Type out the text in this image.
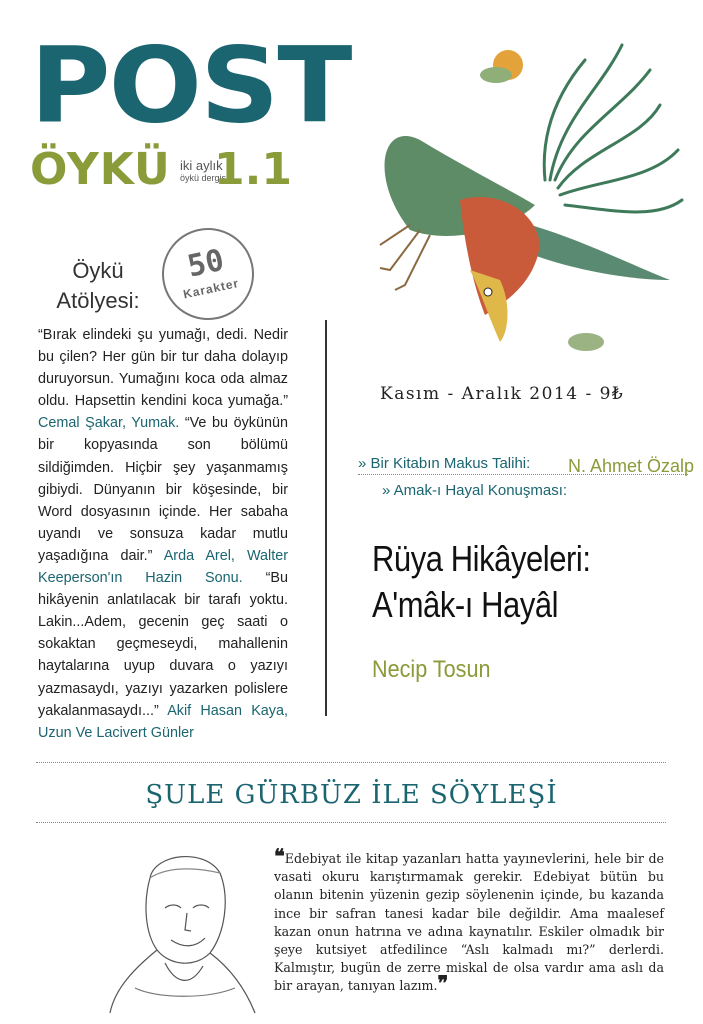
POST
ÖYKÜ iki aylık
öykü dergisi
1.1
Öykü
Atölyesi:
50
Karakter
“Bırak elindeki şu yumağı, dedi. Nedir bu çilen? Her gün bir tur daha dolayıp duruyorsun. Yumağını koca oda almaz oldu. Hapsettin kendini koca yumağa.” Cemal Şakar, Yumak. “Ve bu öykünün bir kopyasında son bölümü sildiğimden. Hiçbir şey yaşanmamış gibiydi. Dünyanın bir köşesinde, bir Word dosyasının içinde. Her sabaha uyandı ve sonsuza kadar mutlu yaşadığına dair.” Arda Arel, Walter Keeperson'ın Hazin Sonu. “Bu hikâyenin anlatılacak bir tarafı yoktu. Lakin...Adem, gecenin geç saati o sokaktan geçmeseydi, mahallenin haytalarına uyup duvara o yazıyı yazmasaydı, yazıyı yazarken polislere yakalanmasaydı...” Akif Hasan Kaya, Uzun Ve Lacivert Günler
Kasım - Aralık 2014 - 9₺
» Bir Kitabın Makus Talihi: N. Ahmet Özalp
» Amak-ı Hayal Konuşması:
Rüya Hikâyeleri:
A'mâk-ı Hayâl
Necip Tosun
ŞULE GÜRBÜZ İLE SÖYLEŞİ
❝Edebiyat ile kitap yazanları hatta yayınevlerini, hele bir de vasati okuru karıştırmamak gerekir. Edebiyat bütün bu olanın bitenin yüzenin gezip söylenenin içinde, bu kazanda ince bir safran tanesi kadar bile değildir. Ama maalesef kazan onun hatrına ve adına kaynatılır. Eskiler olmadık bir şeye kutsiyet atfedilince “Aslı kalmadı mı?” derlerdi. Kalmıştır, bugün de zerre miskal de olsa vardır ama aslı da bir arayan, tanıyan lazım.❞
